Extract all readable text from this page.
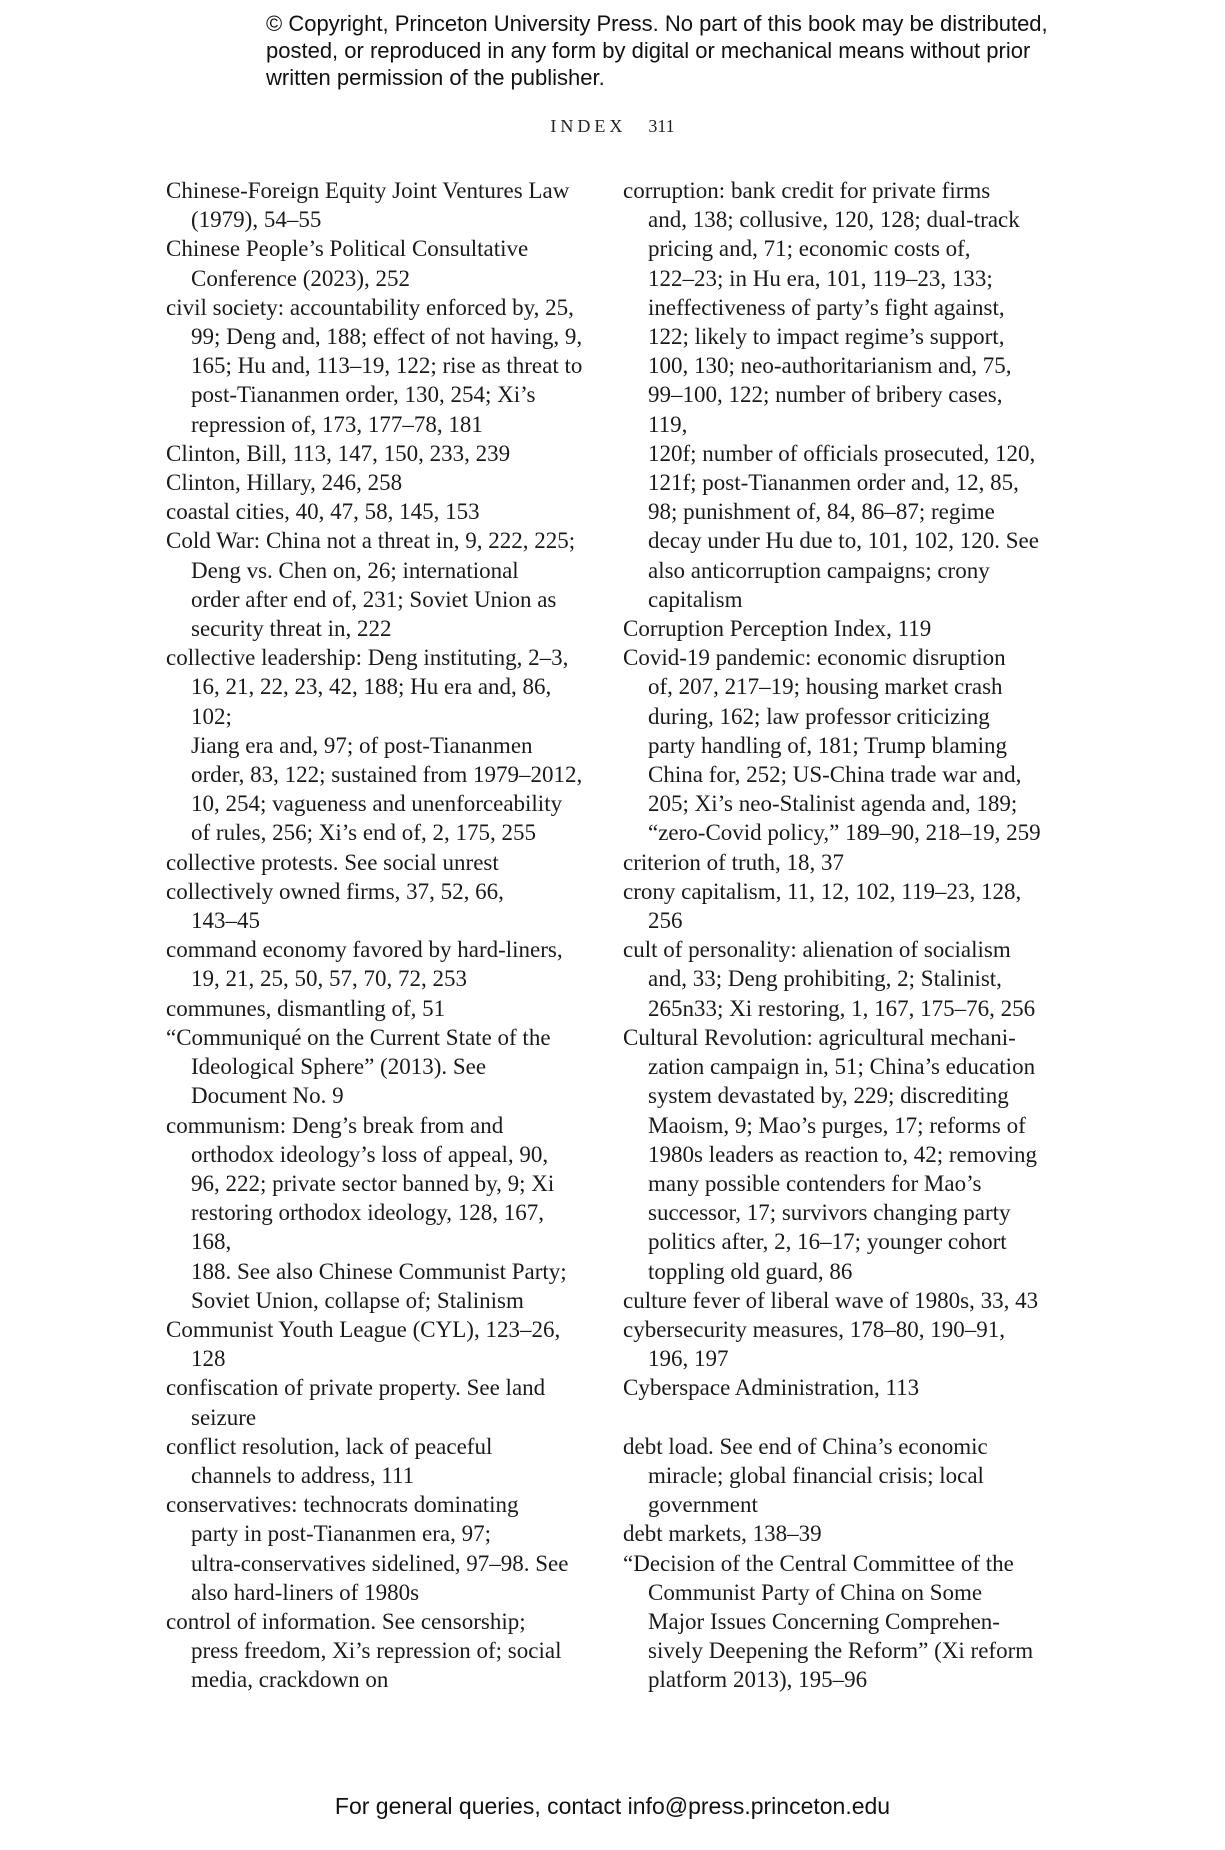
© Copyright, Princeton University Press. No part of this book may be distributed, posted, or reproduced in any form by digital or mechanical means without prior written permission of the publisher.
INDEX 311

Chinese-Foreign Equity Joint Ventures Law
(1979), 54–55

Chinese People’s Political Consultative
Conference (2023), 252

civil society: accountability enforced by, 25,
99; Deng and, 188; effect of not having, 9,
165; Hu and, 113–19, 122; rise as threat to
post-Tiananmen order, 130, 254; Xi’s
repression of, 173, 177–78, 181

Clinton, Bill, 113, 147, 150, 233, 239

Clinton, Hillary, 246, 258

coastal cities, 40, 47, 58, 145, 153

Cold War: China not a threat in, 9, 222, 225;
Deng vs. Chen on, 26; international
order after end of, 231; Soviet Union as
security threat in, 222

collective leadership: Deng instituting, 2–3,
16, 21, 22, 23, 42, 188; Hu era and, 86, 102;
Jiang era and, 97; of post-Tiananmen
order, 83, 122; sustained from 1979–2012,
10, 254; vagueness and unenforceability
of rules, 256; Xi’s end of, 2, 175, 255

collective protests. See social unrest

collectively owned firms, 37, 52, 66,
143–45

command economy favored by hard-liners,
19, 21, 25, 50, 57, 70, 72, 253

communes, dismantling of, 51

“Communiqué on the Current State of the
Ideological Sphere” (2013). See
Document No. 9

communism: Deng’s break from and
orthodox ideology’s loss of appeal, 90,
96, 222; private sector banned by, 9; Xi
restoring orthodox ideology, 128, 167, 168,
188. See also Chinese Communist Party;
Soviet Union, collapse of; Stalinism

Communist Youth League (CYL), 123–26,
128

confiscation of private property. See land
seizure

conflict resolution, lack of peaceful
channels to address, 111

conservatives: technocrats dominating
party in post-Tiananmen era, 97;
ultra-conservatives sidelined, 97–98. See
also hard-liners of 1980s

control of information. See censorship;
press freedom, Xi’s repression of; social
media, crackdown on

corruption: bank credit for private firms
and, 138; collusive, 120, 128; dual-track
pricing and, 71; economic costs of,
122–23; in Hu era, 101, 119–23, 133;
ineffectiveness of party’s fight against,
122; likely to impact regime’s support,
100, 130; neo-authoritarianism and, 75,
99–100, 122; number of bribery cases, 119,
120f; number of officials prosecuted, 120,
121f; post-Tiananmen order and, 12, 85,
98; punishment of, 84, 86–87; regime
decay under Hu due to, 101, 102, 120. See
also anticorruption campaigns; crony
capitalism

Corruption Perception Index, 119

Covid-19 pandemic: economic disruption
of, 207, 217–19; housing market crash
during, 162; law professor criticizing
party handling of, 181; Trump blaming
China for, 252; US-China trade war and,
205; Xi’s neo-Stalinist agenda and, 189;
“zero-Covid policy,” 189–90, 218–19, 259

criterion of truth, 18, 37

crony capitalism, 11, 12, 102, 119–23, 128, 256

cult of personality: alienation of socialism
and, 33; Deng prohibiting, 2; Stalinist,
265n33; Xi restoring, 1, 167, 175–76, 256

Cultural Revolution: agricultural mechani-
zation campaign in, 51; China’s education
system devastated by, 229; discrediting
Maoism, 9; Mao’s purges, 17; reforms of
1980s leaders as reaction to, 42; removing
many possible contenders for Mao’s
successor, 17; survivors changing party
politics after, 2, 16–17; younger cohort
toppling old guard, 86

culture fever of liberal wave of 1980s, 33, 43

cybersecurity measures, 178–80, 190–91,
196, 197

Cyberspace Administration, 113

debt load. See end of China’s economic
miracle; global financial crisis; local
government

debt markets, 138–39

“Decision of the Central Committee of the
Communist Party of China on Some
Major Issues Concerning Comprehen-
sively Deepening the Reform” (Xi reform
platform 2013), 195–96

For general queries, contact info@press.princeton.edu
